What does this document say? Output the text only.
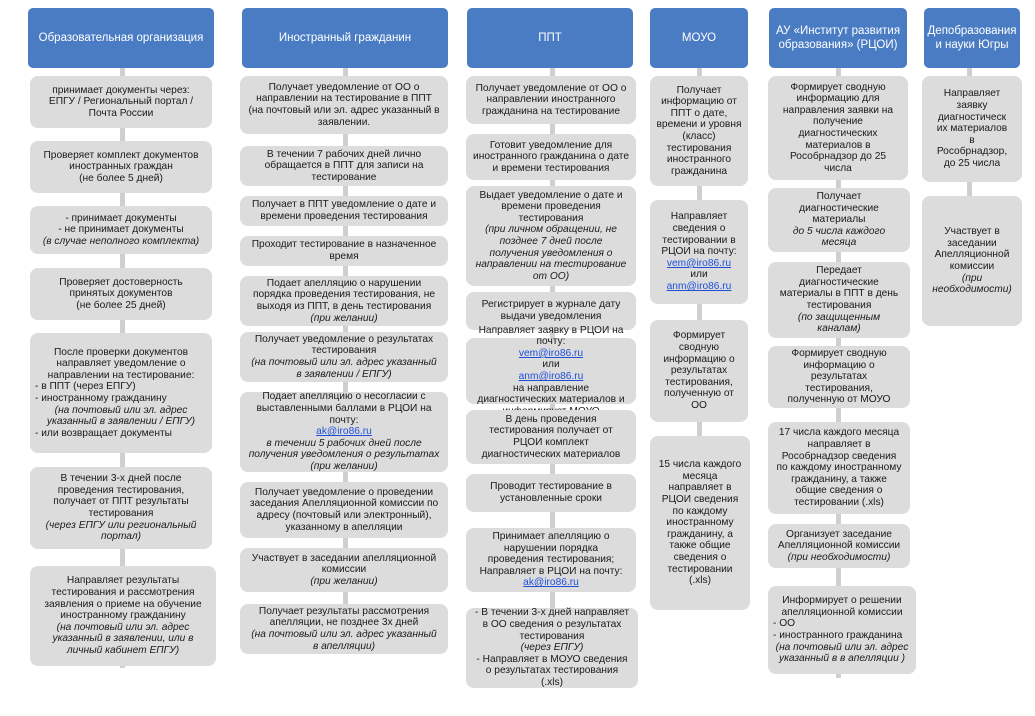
Образовательная организация	Иностранный гражданин	ППТ	МОУО
АУ «Институт развития образования» (РЦОИ)
Депобразования и науки Югры
принимает документы через:
ЕПГУ / Региональный портал /
Почта России
Проверяет комплект документов
иностранных граждан
(не более 5 дней)
- принимает документы
- не принимает документы
(в случае неполного комплекта)
Проверяет достоверность
принятых документов
(не более 25 дней)
После проверки документов
направляет уведомление о
направлении на тестирование:
- в ППТ (через ЕПГУ)
- иностранному гражданину
(на почтовый или эл. адрес
указанный в заявлении / ЕПГУ)
- или возвращает документы
В течении 3-х дней после
проведения тестирования,
получает от ППТ результаты
тестирования
(через ЕПГУ или региональный
портал)
Направляет результаты
тестирования и рассмотрения
заявления о приеме на обучение
иностранному гражданину
(на почтовый или эл. адрес
указанный в заявлении, или в
личный кабинет ЕПГУ)
Получает уведомление от ОО о
направлении на тестирование в ППТ
(на почтовый или эл. адрес указанный в
заявлении.
В течении 7 рабочих дней лично
обращается в ППТ для записи на
тестирование
Получает в ППТ уведомление о дате и
времени проведения тестирования
Проходит тестирование в назначенное
время
Подает апелляцию о нарушении
порядка проведения тестирования, не
выходя из ППТ, в день тестирования
(при желании)
Получает уведомление о результатах
тестирования
(на почтовый или эл. адрес указанный
в заявлении / ЕПГУ)
Подает апелляцию о несогласии с
выставленными баллами в РЦОИ на
почту:
ak@iro86.ru
в течении 5 рабочих дней после
получения уведомления о результатах
(при желании)
Получает уведомление о проведении
заседания Апелляционной комиссии по
адресу (почтовый или электронный),
указанному в апелляции
Участвует в заседании апелляционной
комиссии
(при желании)
Получает результаты рассмотрения
апелляции, не позднее 3х дней
(на почтовый или эл. адрес указанный
в апелляции)
Получает уведомление от ОО о
направлении иностранного
гражданина на тестирование
Готовит уведомление для
иностранного гражданина о дате
и времени тестирования
Выдает уведомление о дате и
времени проведения
тестирования
(при личном обращении, не
позднее 7 дней после
получения уведомления о
направлении на тестирование
от ОО)
Регистрирует в журнале дату
выдачи уведомления
Направляет заявку в РЦОИ на
почту:
vem@iro86.ru
или
anm@iro86.ru
на направление
диагностических материалов и
В день проведения
тестирования получает от
РЦОИ комплект
диагностических материалов
Проводит тестирование в
установленные сроки
Принимает апелляцию о
нарушении порядка
проведения тестирования;
Направляет в РЦОИ на почту:
ak@iro86.ru
- В течении 3-х дней направляет
в ОО сведения о результатах
тестирования
(через ЕПГУ)
- Направляет в МОУО сведения
о результатах тестирования
(.xls)
Получает
информацию от
ППТ о дате,
времени и уровня
(класс)
тестирования
иностранного
гражданина
Направляет
сведения о
тестировании в
РЦОИ на почту:
vem@iro86.ru
или
anm@iro86.ru
Формирует
сводную
информацию о
результатах
тестирования,
полученную от
ОО
15 числа каждого
месяца
направляет в
РЦОИ сведения
по каждому
иностранному
гражданину, а
также общие
сведения о
тестировании
(.xls)
Формирует сводную
информацию для
направления заявки на
получение
диагностических
материалов в
Рособрнадзор до 25
числа
Получает
диагностические
материалы
до 5 числа каждого
месяца
Передает
диагностические
материалы в ППТ в день
тестирования
(по защищенным
каналам)
Формирует сводную
информацию о
результатах
тестирования,
полученную от МОУО
17 числа каждого месяца
направляет в
Рособрнадзор сведения
по каждому иностранному
гражданину, а также
общие сведения о
тестировании (.xls)
Организует заседание
Апелляционной комиссии
(при необходимости)
Информирует о решении
апелляционной комиссии
- ОО
- иностранного гражданина
(на почтовый или эл. адрес
указанный в в апелляции )
Направляет
заявку
диагностическ
их материалов
в
Рособрнадзор,
до 25 числа
Участвует в
заседании
Апелляционной
комиссии
(при
необходимости)
